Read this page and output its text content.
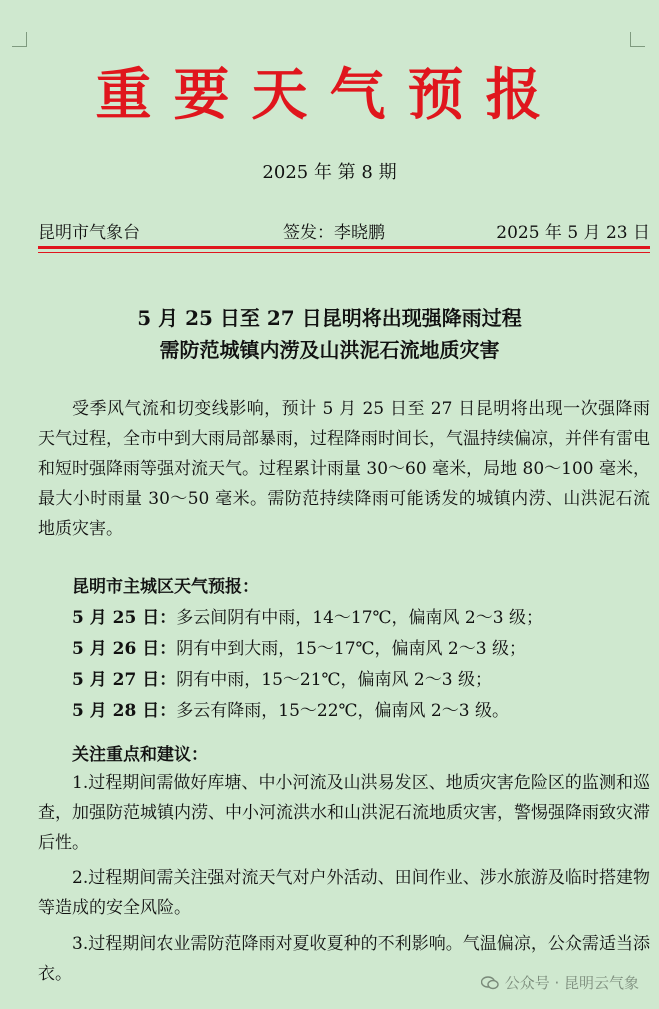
重要天气预报
2025 年 第 8 期
昆明市气象台	签发：李晓鹏	2025 年 5 月 23 日
5 月 25 日至 27 日昆明将出现强降雨过程
需防范城镇内涝及山洪泥石流地质灾害
受季风气流和切变线影响，预计 5 月 25 日至 27 日昆明将出现一次强降雨天气过程，全市中到大雨局部暴雨，过程降雨时间长，气温持续偏凉，并伴有雷电和短时强降雨等强对流天气。过程累计雨量 30～60 毫米，局地 80～100 毫米，最大小时雨量 30～50 毫米。需防范持续降雨可能诱发的城镇内涝、山洪泥石流地质灾害。
昆明市主城区天气预报：
5 月 25 日：多云间阴有中雨，14～17℃，偏南风 2～3 级；
5 月 26 日：阴有中到大雨，15～17℃，偏南风 2～3 级；
5 月 27 日：阴有中雨，15～21℃，偏南风 2～3 级；
5 月 28 日：多云有降雨，15～22℃，偏南风 2～3 级。
关注重点和建议：
1.过程期间需做好库塘、中小河流及山洪易发区、地质灾害危险区的监测和巡查，加强防范城镇内涝、中小河流洪水和山洪泥石流地质灾害，警惕强降雨致灾滞后性。
2.过程期间需关注强对流天气对户外活动、田间作业、涉水旅游及临时搭建物等造成的安全风险。
3.过程期间农业需防范降雨对夏收夏种的不利影响。气温偏凉，公众需适当添衣。	公众号 · 昆明云气象
